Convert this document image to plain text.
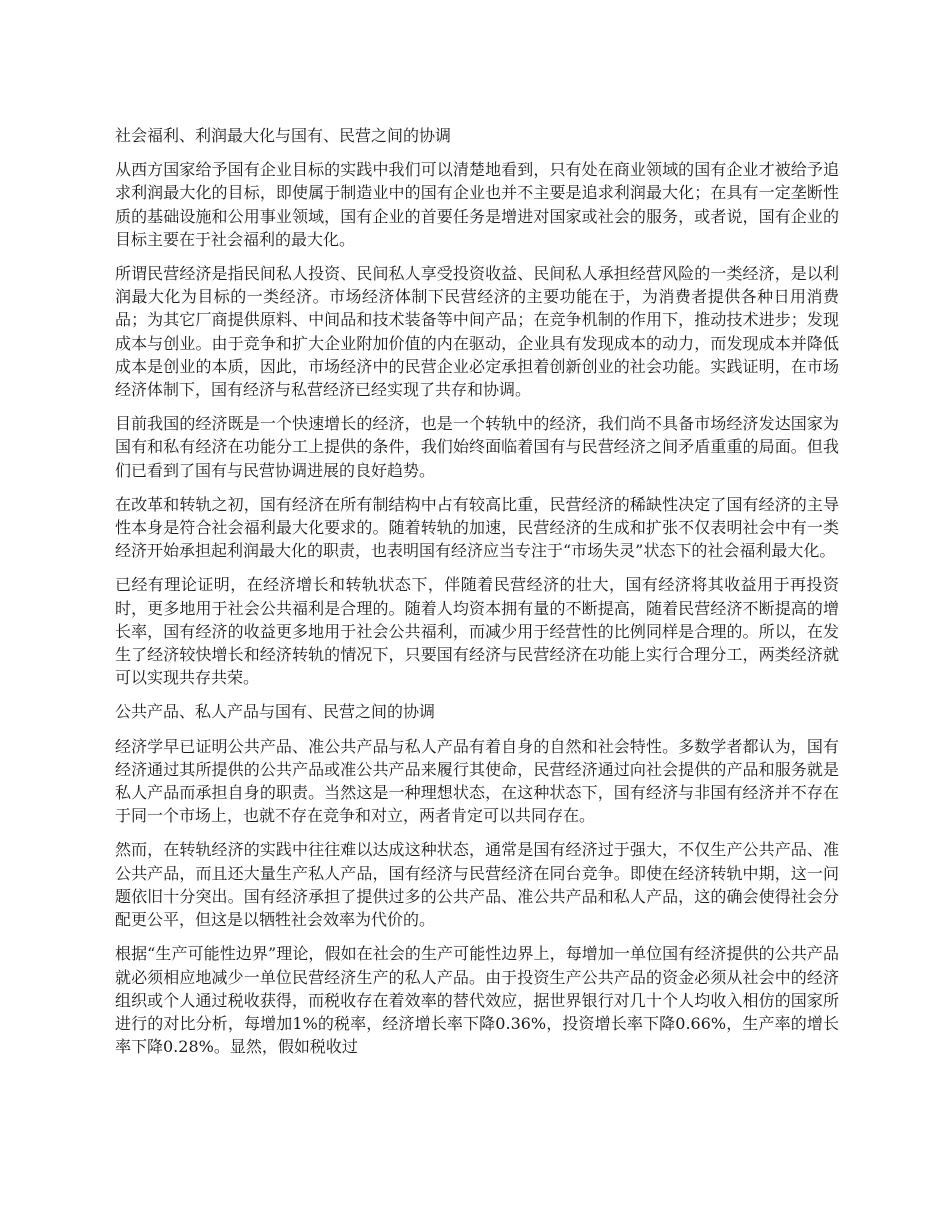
社会福利、利润最大化与国有、民营之间的协调

从西方国家给予国有企业目标的实践中我们可以清楚地看到，只有处在商业领域的国有企业才被给予追求利润最大化的目标，即使属于制造业中的国有企业也并不主要是追求利润最大化；在具有一定垄断性质的基础设施和公用事业领域，国有企业的首要任务是增进对国家或社会的服务，或者说，国有企业的目标主要在于社会福利的最大化。

所谓民营经济是指民间私人投资、民间私人享受投资收益、民间私人承担经营风险的一类经济，是以利润最大化为目标的一类经济。市场经济体制下民营经济的主要功能在于，为消费者提供各种日用消费品；为其它厂商提供原料、中间品和技术装备等中间产品；在竞争机制的作用下，推动技术进步；发现成本与创业。由于竞争和扩大企业附加价值的内在驱动，企业具有发现成本的动力，而发现成本并降低成本是创业的本质，因此，市场经济中的民营企业必定承担着创新创业的社会功能。实践证明，在市场经济体制下，国有经济与私营经济已经实现了共存和协调。

目前我国的经济既是一个快速增长的经济，也是一个转轨中的经济，我们尚不具备市场经济发达国家为国有和私有经济在功能分工上提供的条件，我们始终面临着国有与民营经济之间矛盾重重的局面。但我们已看到了国有与民营协调进展的良好趋势。

在改革和转轨之初，国有经济在所有制结构中占有较高比重，民营经济的稀缺性决定了国有经济的主导性本身是符合社会福利最大化要求的。随着转轨的加速，民营经济的生成和扩张不仅表明社会中有一类经济开始承担起利润最大化的职责，也表明国有经济应当专注于“市场失灵”状态下的社会福利最大化。

已经有理论证明，在经济增长和转轨状态下，伴随着民营经济的壮大，国有经济将其收益用于再投资时，更多地用于社会公共福利是合理的。随着人均资本拥有量的不断提高，随着民营经济不断提高的增长率，国有经济的收益更多地用于社会公共福利，而减少用于经营性的比例同样是合理的。所以，在发生了经济较快增长和经济转轨的情况下，只要国有经济与民营经济在功能上实行合理分工，两类经济就可以实现共存共荣。

公共产品、私人产品与国有、民营之间的协调

经济学早已证明公共产品、准公共产品与私人产品有着自身的自然和社会特性。多数学者都认为，国有经济通过其所提供的公共产品或准公共产品来履行其使命，民营经济通过向社会提供的产品和服务就是私人产品而承担自身的职责。当然这是一种理想状态，在这种状态下，国有经济与非国有经济并不存在于同一个市场上，也就不存在竞争和对立，两者肯定可以共同存在。

然而，在转轨经济的实践中往往难以达成这种状态，通常是国有经济过于强大，不仅生产公共产品、准公共产品，而且还大量生产私人产品，国有经济与民营经济在同台竞争。即使在经济转轨中期，这一问题依旧十分突出。国有经济承担了提供过多的公共产品、准公共产品和私人产品，这的确会使得社会分配更公平，但这是以牺牲社会效率为代价的。

根据“生产可能性边界”理论，假如在社会的生产可能性边界上，每增加一单位国有经济提供的公共产品就必须相应地减少一单位民营经济生产的私人产品。由于投资生产公共产品的资金必须从社会中的经济组织或个人通过税收获得，而税收存在着效率的替代效应，据世界银行对几十个人均收入相仿的国家所进行的对比分析，每增加1%的税率，经济增长率下降0.36%，投资增长率下降0.66%，生产率的增长率下降0.28%。显然，假如税收过
